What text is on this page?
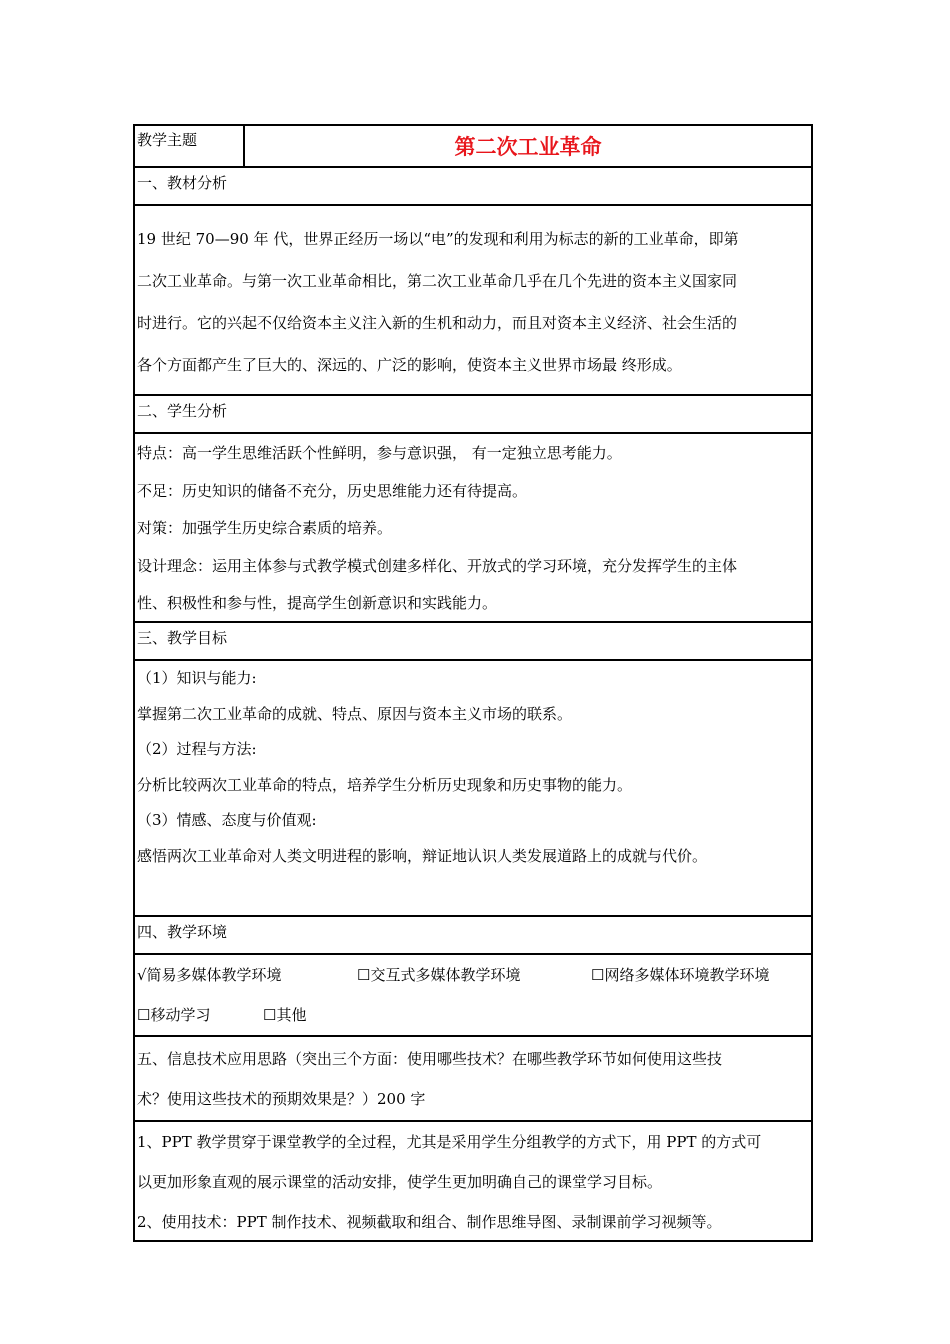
教学主题	第二次工业革命
一、教材分析
19 世纪 70—90 年 代，世界正经历一场以“电”的发现和利用为标志的新的工业革命，即第
二次工业革命。与第一次工业革命相比，第二次工业革命几乎在几个先进的资本主义国家同
时进行。它的兴起不仅给资本主义注入新的生机和动力，而且对资本主义经济、社会生活的
各个方面都产生了巨大的、深远的、广泛的影响，使资本主义世界市场最 终形成。
二、学生分析
特点：高一学生思维活跃个性鲜明，参与意识强， 有一定独立思考能力。
不足：历史知识的储备不充分，历史思维能力还有待提高。
对策：加强学生历史综合素质的培养。
设计理念：运用主体参与式教学模式创建多样化、开放式的学习环境，充分发挥学生的主体
性、积极性和参与性，提高学生创新意识和实践能力。
三、教学目标
（1）知识与能力:
掌握第二次工业革命的成就、特点、原因与资本主义市场的联系。
（2）过程与方法:
分析比较两次工业革命的特点，培养学生分析历史现象和历史事物的能力。
（3）情感、态度与价值观:
感悟两次工业革命对人类文明进程的影响，辩证地认识人类发展道路上的成就与代价。
四、教学环境
√简易多媒体教学环境	☐交互式多媒体教学环境	☐网络多媒体环境教学环境
☐移动学习	☐其他
五、信息技术应用思路（突出三个方面：使用哪些技术？在哪些教学环节如何使用这些技
术？使用这些技术的预期效果是？）200 字
1、PPT 教学贯穿于课堂教学的全过程，尤其是采用学生分组教学的方式下，用 PPT 的方式可
以更加形象直观的展示课堂的活动安排，使学生更加明确自己的课堂学习目标。
2、使用技术：PPT 制作技术、视频截取和组合、制作思维导图、录制课前学习视频等。
